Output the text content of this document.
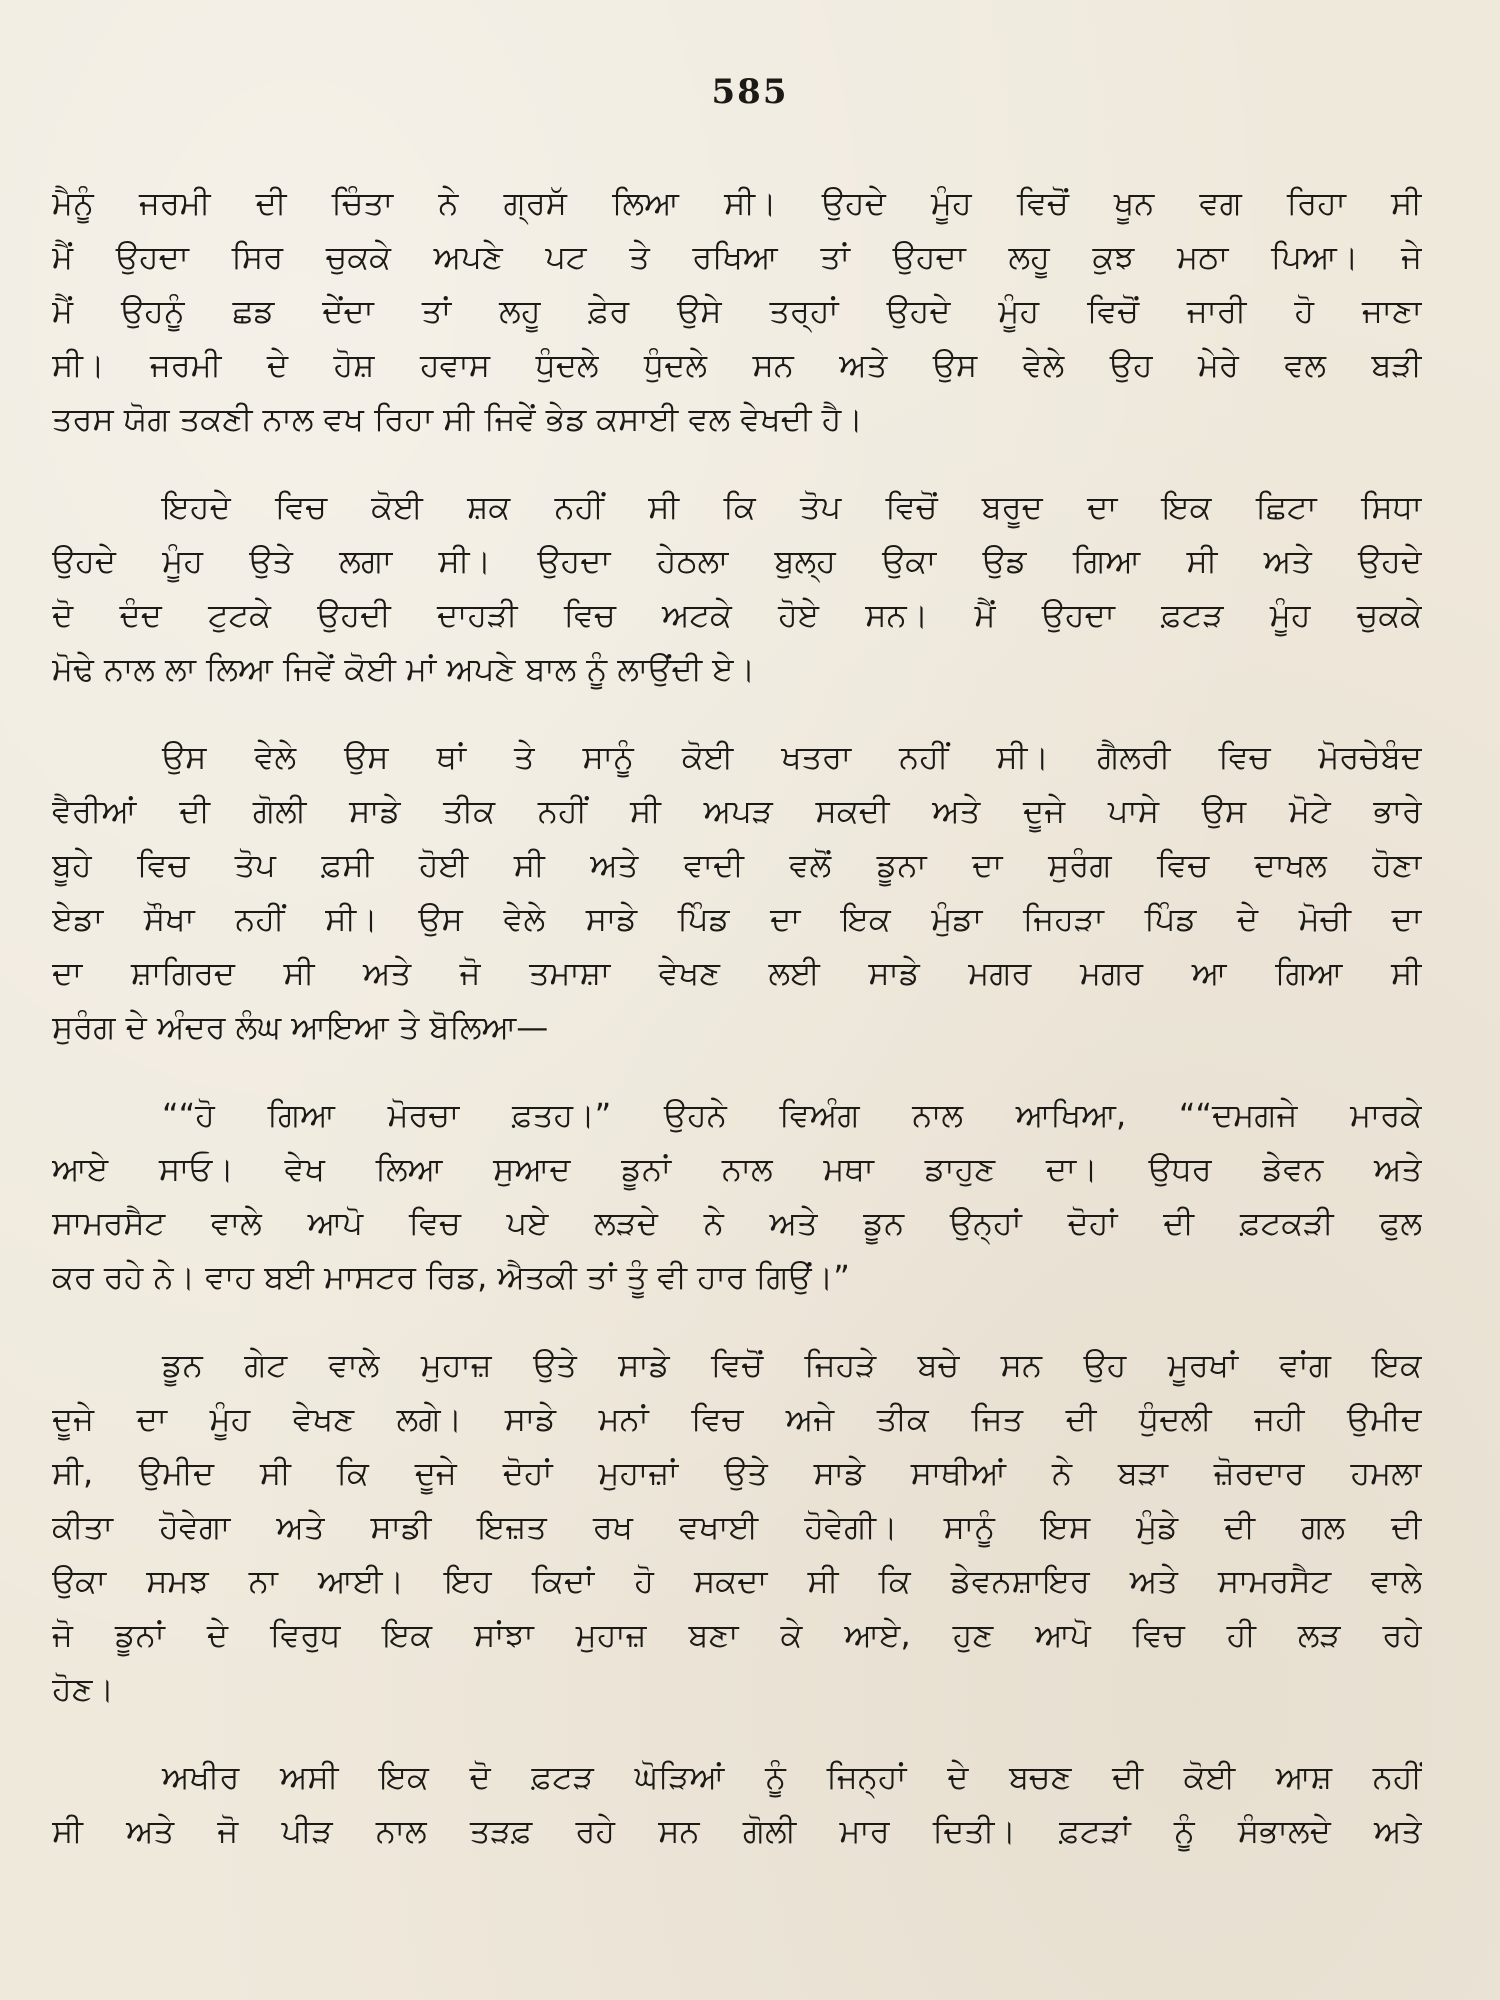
585
ਮੈਨੂੰ ਜਰਮੀ ਦੀ ਚਿੰਤਾ ਨੇ ਗ੍ਰਸੱ ਲਿਆ ਸੀ। ਉਹਦੇ ਮੂੰਹ ਵਿਚੋਂ ਖੂਨ ਵਗ ਰਿਹਾ ਸੀ
ਮੈਂ ਉਹਦਾ ਸਿਰ ਚੁਕਕੇ ਅਪਣੇ ਪਟ ਤੇ ਰਖਿਆ ਤਾਂ ਉਹਦਾ ਲਹੂ ਕੁਝ ਮਠਾ ਪਿਆ। ਜੇ
ਮੈਂ ਉਹਨੂੰ ਛਡ ਦੇਂਦਾ ਤਾਂ ਲਹੂ ਫ਼ੇਰ ਉਸੇ ਤਰ੍ਹਾਂ ਉਹਦੇ ਮੂੰਹ ਵਿਚੋਂ ਜਾਰੀ ਹੋ ਜਾਣਾ
ਸੀ। ਜਰਮੀ ਦੇ ਹੋਸ਼ ਹਵਾਸ ਧੁੰਦਲੇ ਧੁੰਦਲੇ ਸਨ ਅਤੇ ਉਸ ਵੇਲੇ ਉਹ ਮੇਰੇ ਵਲ ਬੜੀ
ਤਰਸ ਯੋਗ ਤਕਣੀ ਨਾਲ ਵਖ ਰਿਹਾ ਸੀ ਜਿਵੇਂ ਭੇਡ ਕਸਾਈ ਵਲ ਵੇਖਦੀ ਹੈ।
ਇਹਦੇ ਵਿਚ ਕੋਈ ਸ਼ਕ ਨਹੀਂ ਸੀ ਕਿ ਤੋਪ ਵਿਚੋਂ ਬਰੂਦ ਦਾ ਇਕ ਛਿਟਾ ਸਿਧਾ
ਉਹਦੇ ਮੂੰਹ ਉਤੇ ਲਗਾ ਸੀ। ਉਹਦਾ ਹੇਠਲਾ ਬੁਲ੍ਹ ਉਕਾ ਉਡ ਗਿਆ ਸੀ ਅਤੇ ਉਹਦੇ
ਦੋ ਦੰਦ ਟੁਟਕੇ ਉਹਦੀ ਦਾਹੜੀ ਵਿਚ ਅਟਕੇ ਹੋਏ ਸਨ। ਮੈਂ ਉਹਦਾ ਫ਼ਟੜ ਮੂੰਹ ਚੁਕਕੇ
ਮੋਢੇ ਨਾਲ ਲਾ ਲਿਆ ਜਿਵੇਂ ਕੋਈ ਮਾਂ ਅਪਣੇ ਬਾਲ ਨੂੰ ਲਾਉਂਦੀ ਏ।
ਉਸ ਵੇਲੇ ਉਸ ਥਾਂ ਤੇ ਸਾਨੂੰ ਕੋਈ ਖਤਰਾ ਨਹੀਂ ਸੀ। ਗੈਲਰੀ ਵਿਚ ਮੋਰਚੇਬੰਦ
ਵੈਰੀਆਂ ਦੀ ਗੋਲੀ ਸਾਡੇ ਤੀਕ ਨਹੀਂ ਸੀ ਅਪੜ ਸਕਦੀ ਅਤੇ ਦੂਜੇ ਪਾਸੇ ਉਸ ਮੋਟੇ ਭਾਰੇ
ਬੂਹੇ ਵਿਚ ਤੋਪ ਫ਼ਸੀ ਹੋਈ ਸੀ ਅਤੇ ਵਾਦੀ ਵਲੋਂ ਡੂਨਾ ਦਾ ਸੁਰੰਗ ਵਿਚ ਦਾਖਲ ਹੋਣਾ
ਏਡਾ ਸੌਖਾ ਨਹੀਂ ਸੀ। ਉਸ ਵੇਲੇ ਸਾਡੇ ਪਿੰਡ ਦਾ ਇਕ ਮੁੰਡਾ ਜਿਹੜਾ ਪਿੰਡ ਦੇ ਮੋਚੀ ਦਾ
ਦਾ ਸ਼ਾਗਿਰਦ ਸੀ ਅਤੇ ਜੋ ਤਮਾਸ਼ਾ ਵੇਖਣ ਲਈ ਸਾਡੇ ਮਗਰ ਮਗਰ ਆ ਗਿਆ ਸੀ
ਸੁਰੰਗ ਦੇ ਅੰਦਰ ਲੰਘ ਆਇਆ ਤੇ ਬੋਲਿਆ—
““ਹੋ ਗਿਆ ਮੋਰਚਾ ਫ਼ਤਹ।” ਉਹਨੇ ਵਿਅੰਗ ਨਾਲ ਆਖਿਆ, ““ਦਮਗਜੇ ਮਾਰਕੇ
ਆਏ ਸਾਓ। ਵੇਖ ਲਿਆ ਸੁਆਦ ਡੂਨਾਂ ਨਾਲ ਮਥਾ ਡਾਹੁਣ ਦਾ। ਉਧਰ ਡੇਵਨ ਅਤੇ
ਸਾਮਰਸੈਟ ਵਾਲੇ ਆਪੋ ਵਿਚ ਪਏ ਲੜਦੇ ਨੇ ਅਤੇ ਡੂਨ ਉਨ੍ਹਾਂ ਦੋਹਾਂ ਦੀ ਫ਼ਟਕੜੀ ਫੁਲ
ਕਰ ਰਹੇ ਨੇ। ਵਾਹ ਬਈ ਮਾਸਟਰ ਰਿਡ, ਐਤਕੀ ਤਾਂ ਤੂੰ ਵੀ ਹਾਰ ਗਿਉਂ।”
ਡੂਨ ਗੇਟ ਵਾਲੇ ਮੁਹਾਜ਼ ਉਤੇ ਸਾਡੇ ਵਿਚੋਂ ਜਿਹੜੇ ਬਚੇ ਸਨ ਉਹ ਮੂਰਖਾਂ ਵਾਂਗ ਇਕ
ਦੂਜੇ ਦਾ ਮੂੰਹ ਵੇਖਣ ਲਗੇ। ਸਾਡੇ ਮਨਾਂ ਵਿਚ ਅਜੇ ਤੀਕ ਜਿਤ ਦੀ ਧੁੰਦਲੀ ਜਹੀ ਉਮੀਦ
ਸੀ, ਉਮੀਦ ਸੀ ਕਿ ਦੂਜੇ ਦੋਹਾਂ ਮੁਹਾਜ਼ਾਂ ਉਤੇ ਸਾਡੇ ਸਾਥੀਆਂ ਨੇ ਬੜਾ ਜ਼ੋਰਦਾਰ ਹਮਲਾ
ਕੀਤਾ ਹੋਵੇਗਾ ਅਤੇ ਸਾਡੀ ਇਜ਼ਤ ਰਖ ਵਖਾਈ ਹੋਵੇਗੀ। ਸਾਨੂੰ ਇਸ ਮੁੰਡੇ ਦੀ ਗਲ ਦੀ
ਉਕਾ ਸਮਝ ਨਾ ਆਈ। ਇਹ ਕਿਦਾਂ ਹੋ ਸਕਦਾ ਸੀ ਕਿ ਡੇਵਨਸ਼ਾਇਰ ਅਤੇ ਸਾਮਰਸੈਟ ਵਾਲੇ
ਜੋ ਡੂਨਾਂ ਦੇ ਵਿਰੁਧ ਇਕ ਸਾਂਝਾ ਮੁਹਾਜ਼ ਬਣਾ ਕੇ ਆਏ, ਹੁਣ ਆਪੋ ਵਿਚ ਹੀ ਲੜ ਰਹੇ
ਹੋਣ।
ਅਖੀਰ ਅਸੀ ਇਕ ਦੋ ਫ਼ਟੜ ਘੋੜਿਆਂ ਨੂੰ ਜਿਨ੍ਹਾਂ ਦੇ ਬਚਣ ਦੀ ਕੋਈ ਆਸ਼ ਨਹੀਂ
ਸੀ ਅਤੇ ਜੋ ਪੀੜ ਨਾਲ ਤੜਫ਼ ਰਹੇ ਸਨ ਗੋਲੀ ਮਾਰ ਦਿਤੀ। ਫ਼ਟੜਾਂ ਨੂੰ ਸੰਭਾਲਦੇ ਅਤੇ
